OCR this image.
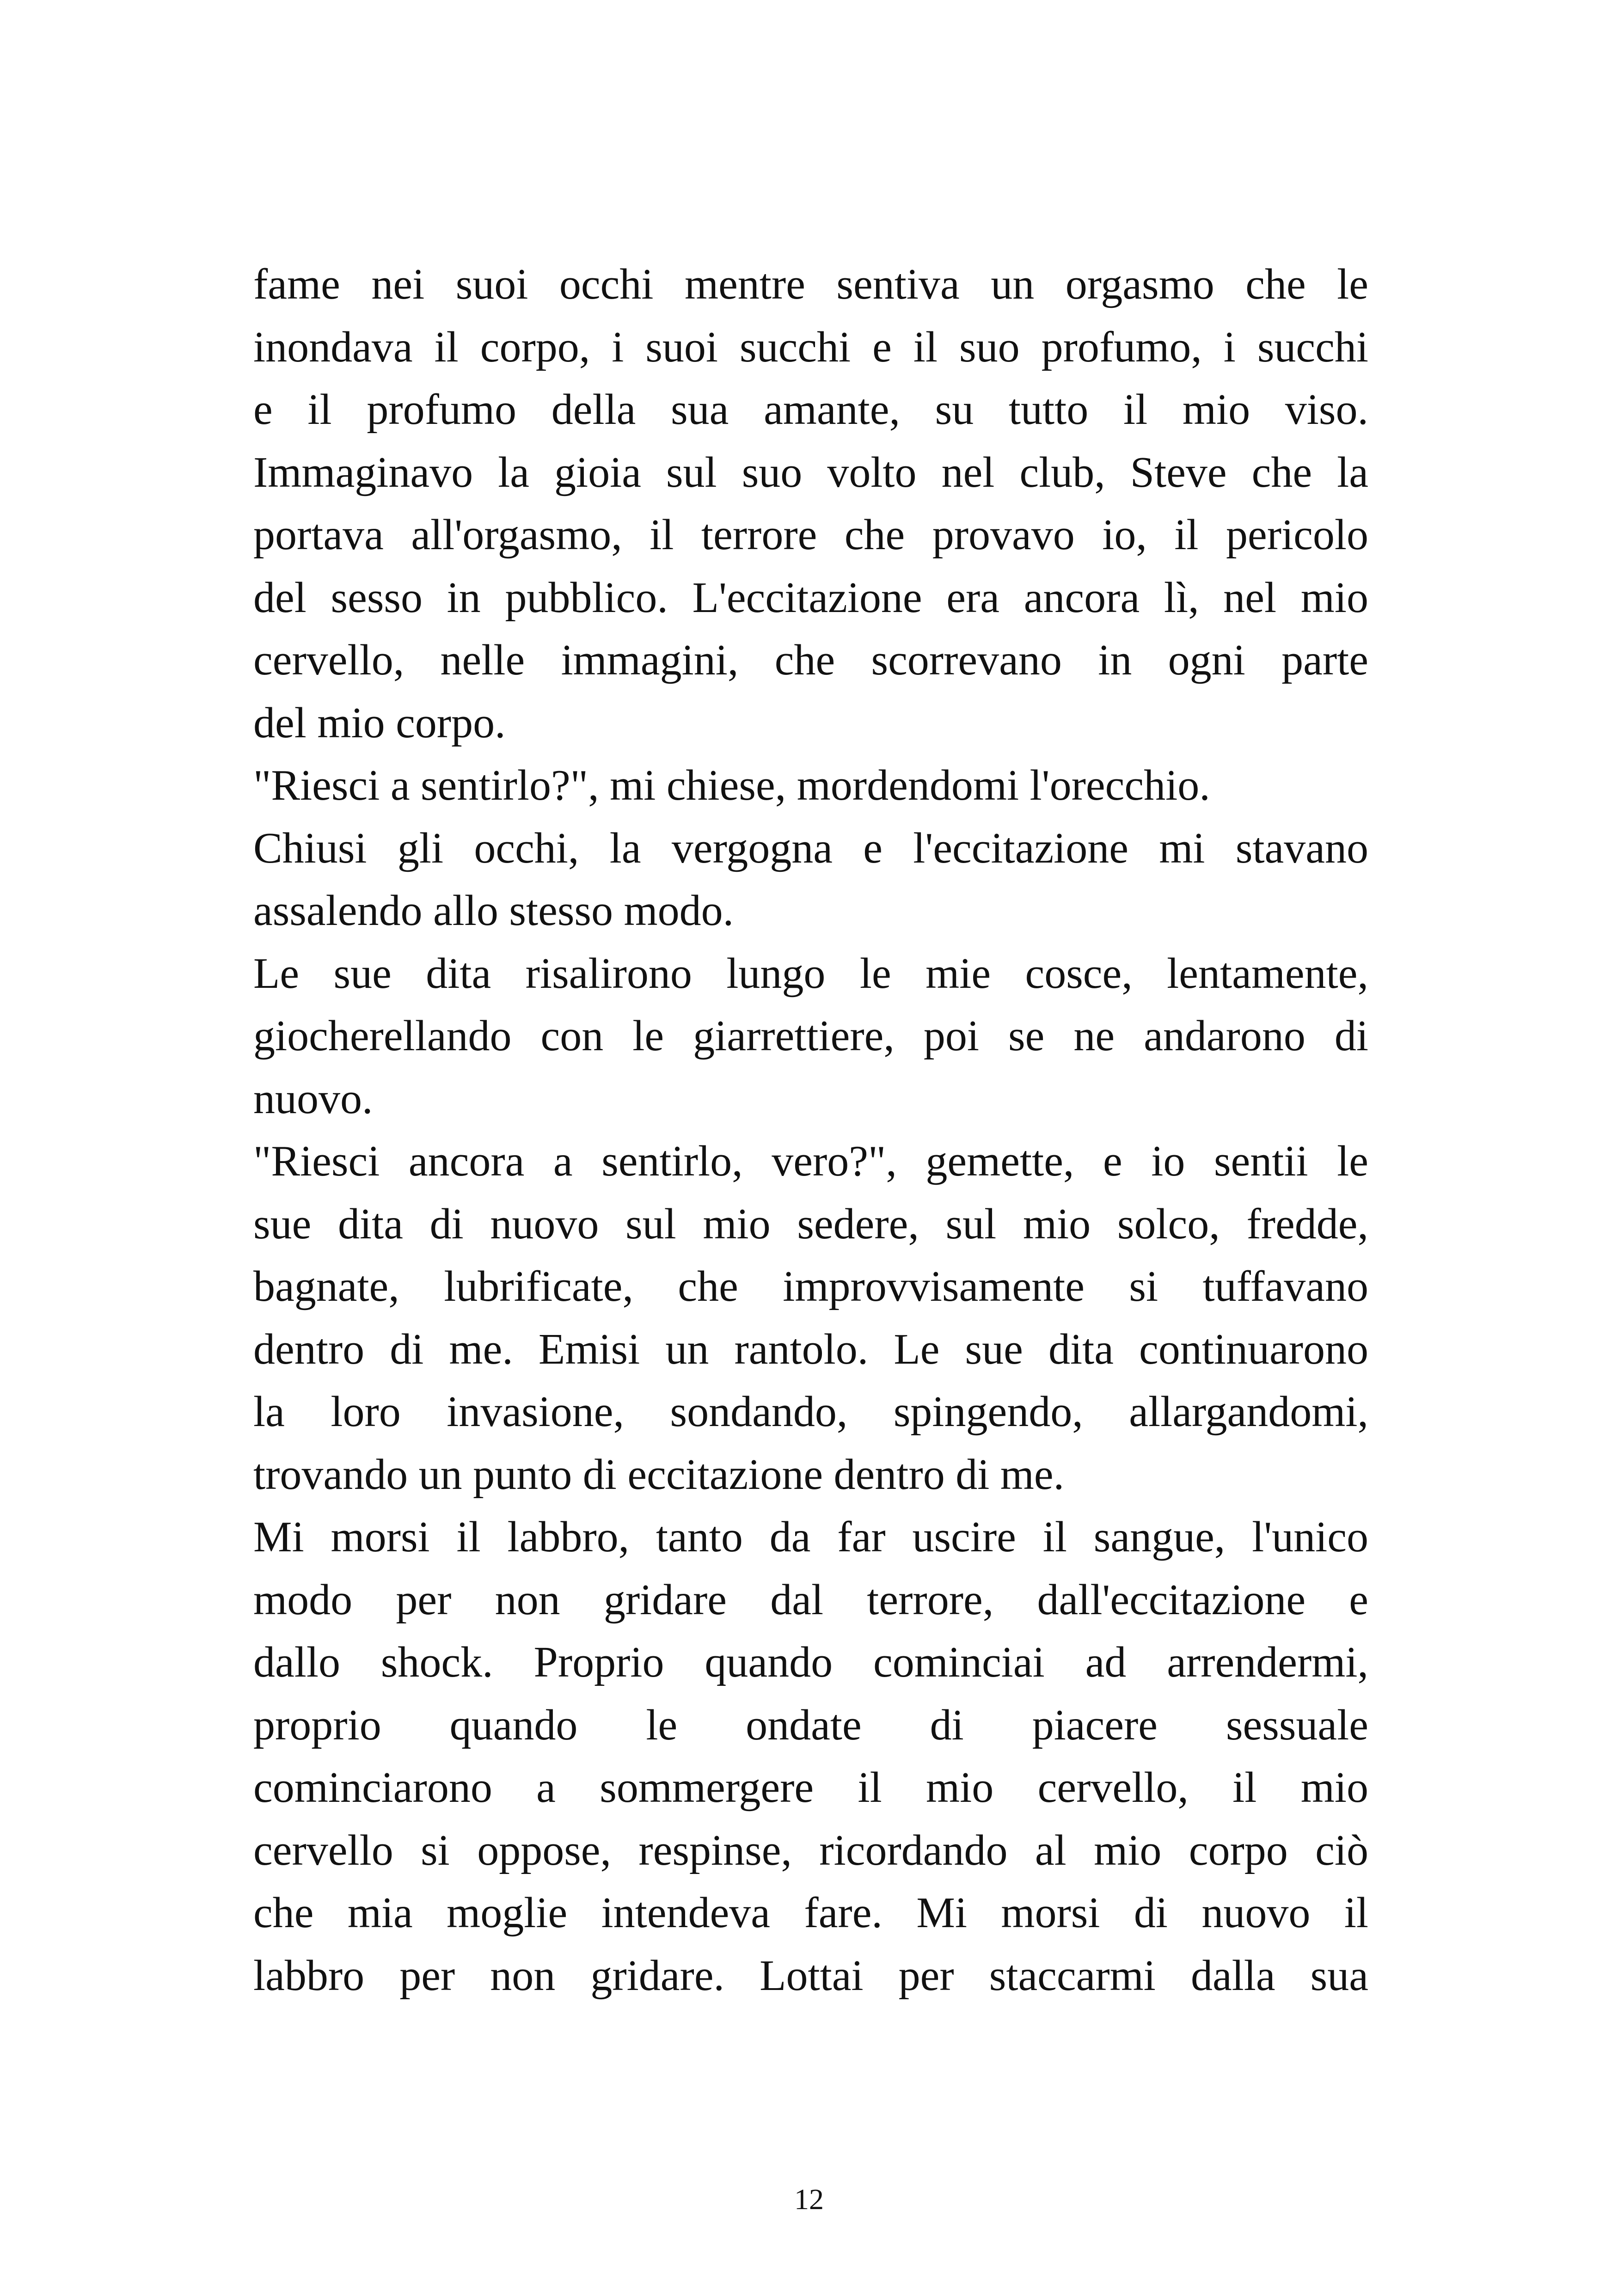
fame nei suoi occhi mentre sentiva un orgasmo che le
inondava il corpo, i suoi succhi e il suo profumo, i succhi
e il profumo della sua amante, su tutto il mio viso.
Immaginavo la gioia sul suo volto nel club, Steve che la
portava all'orgasmo, il terrore che provavo io, il pericolo
del sesso in pubblico. L'eccitazione era ancora lì, nel mio
cervello, nelle immagini, che scorrevano in ogni parte
del mio corpo.
"Riesci a sentirlo?", mi chiese, mordendomi l'orecchio.
Chiusi gli occhi, la vergogna e l'eccitazione mi stavano
assalendo allo stesso modo.
Le sue dita risalirono lungo le mie cosce, lentamente,
giocherellando con le giarrettiere, poi se ne andarono di
nuovo.
"Riesci ancora a sentirlo, vero?", gemette, e io sentii le
sue dita di nuovo sul mio sedere, sul mio solco, fredde,
bagnate, lubrificate, che improvvisamente si tuffavano
dentro di me. Emisi un rantolo. Le sue dita continuarono
la loro invasione, sondando, spingendo, allargandomi,
trovando un punto di eccitazione dentro di me.
Mi morsi il labbro, tanto da far uscire il sangue, l'unico
modo per non gridare dal terrore, dall'eccitazione e
dallo shock. Proprio quando cominciai ad arrendermi,
proprio quando le ondate di piacere sessuale
cominciarono a sommergere il mio cervello, il mio
cervello si oppose, respinse, ricordando al mio corpo ciò
che mia moglie intendeva fare. Mi morsi di nuovo il
labbro per non gridare. Lottai per staccarmi dalla sua
12
